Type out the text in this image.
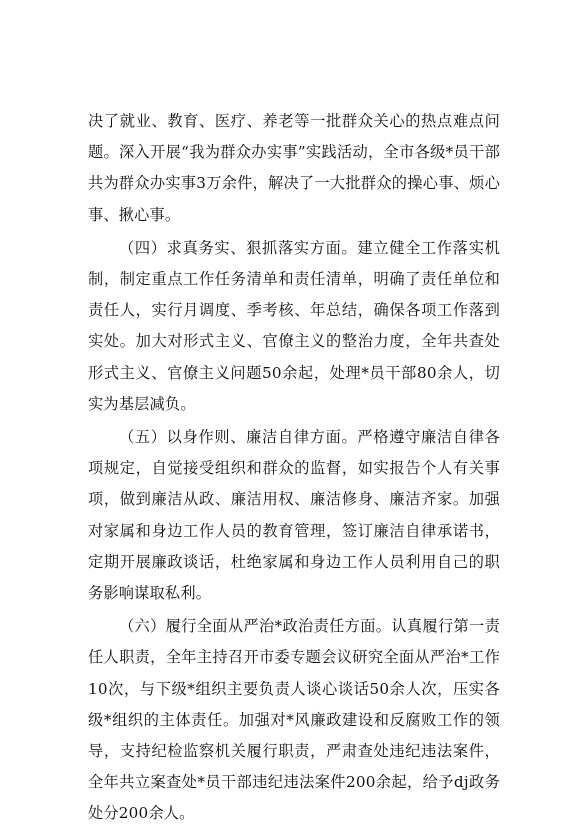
决了就业、教育、医疗、养老等一批群众关心的热点难点问题。深入开展“我为群众办实事”实践活动，全市各级*员干部共为群众办实事3万余件，解决了一大批群众的操心事、烦心事、揪心事。

（四）求真务实、狠抓落实方面。建立健全工作落实机制，制定重点工作任务清单和责任清单，明确了责任单位和责任人，实行月调度、季考核、年总结，确保各项工作落到实处。加大对形式主义、官僚主义的整治力度，全年共查处形式主义、官僚主义问题50余起，处理*员干部80余人，切实为基层减负。

（五）以身作则、廉洁自律方面。严格遵守廉洁自律各项规定，自觉接受组织和群众的监督，如实报告个人有关事项，做到廉洁从政、廉洁用权、廉洁修身、廉洁齐家。加强对家属和身边工作人员的教育管理，签订廉洁自律承诺书，定期开展廉政谈话，杜绝家属和身边工作人员利用自己的职务影响谋取私利。

（六）履行全面从严治*政治责任方面。认真履行第一责任人职责，全年主持召开市委专题会议研究全面从严治*工作10次，与下级*组织主要负责人谈心谈话50余人次，压实各级*组织的主体责任。加强对*风廉政建设和反腐败工作的领导，支持纪检监察机关履行职责，严肃查处违纪违法案件，全年共立案查处*员干部违纪违法案件200余起，给予dj政务处分200余人。
